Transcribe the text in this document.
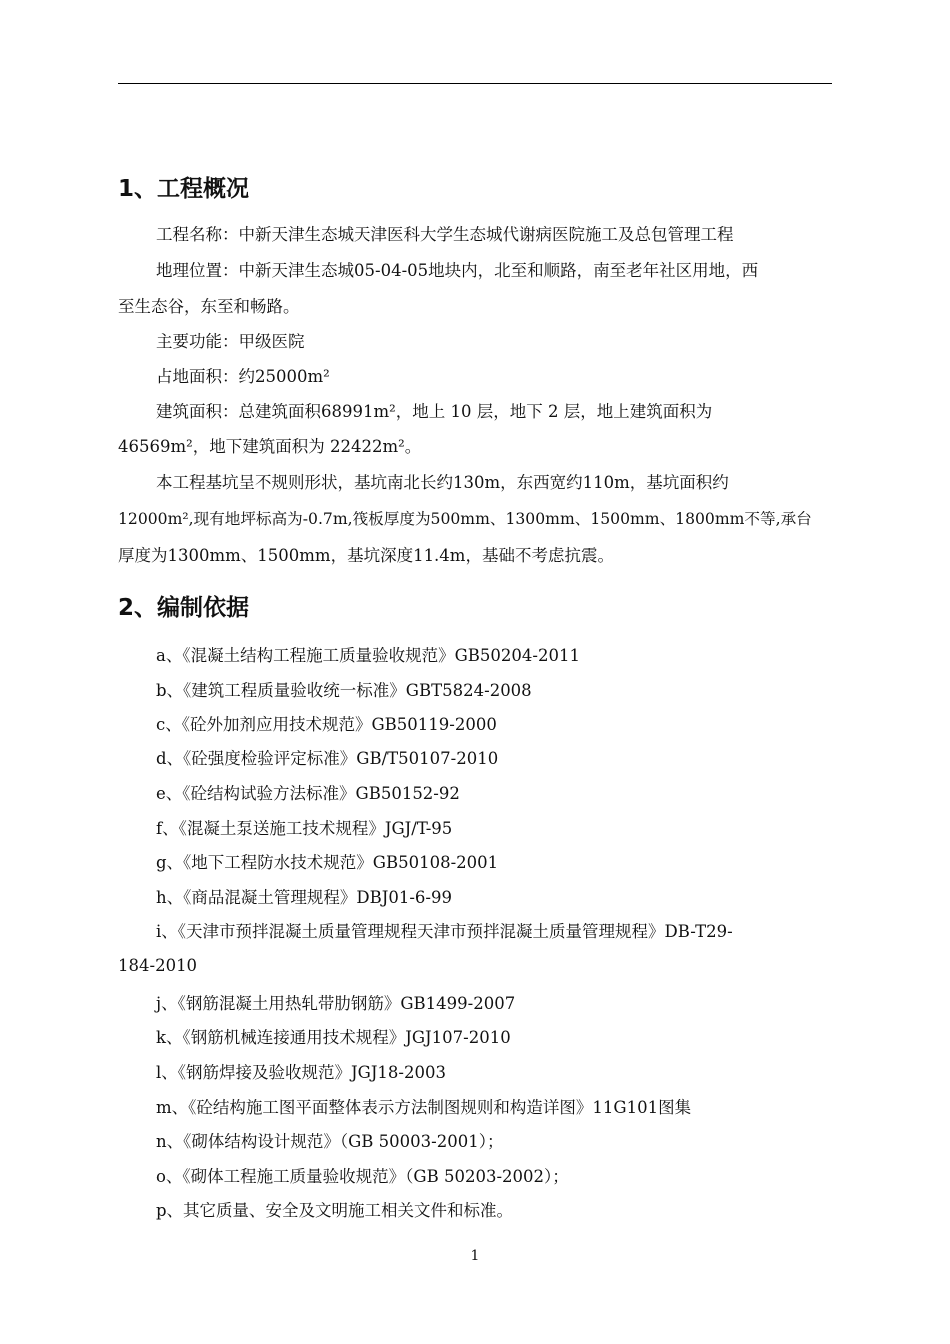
1、工程概况
工程名称：中新天津生态城天津医科大学生态城代谢病医院施工及总包管理工程
地理位置：中新天津生态城05-04-05地块内，北至和顺路，南至老年社区用地，西
至生态谷，东至和畅路。
主要功能：甲级医院
占地面积：约25000m²
建筑面积：总建筑面积68991m²，地上 10 层，地下 2 层，地上建筑面积为
46569m²，地下建筑面积为 22422m²。
本工程基坑呈不规则形状，基坑南北长约130m，东西宽约110m，基坑面积约
12000m²,现有地坪标高为-0.7m,筏板厚度为500mm、1300mm、1500mm、1800mm不等,承台
厚度为1300mm、1500mm，基坑深度11.4m，基础不考虑抗震。
2、编制依据
a、《混凝土结构工程施工质量验收规范》GB50204-2011
b、《建筑工程质量验收统一标准》GBT5824-2008
c、《砼外加剂应用技术规范》GB50119-2000
d、《砼强度检验评定标准》GB/T50107-2010
e、《砼结构试验方法标准》GB50152-92
f、《混凝土泵送施工技术规程》JGJ/T-95
g、《地下工程防水技术规范》GB50108-2001
h、《商品混凝土管理规程》DBJ01-6-99
i、《天津市预拌混凝土质量管理规程天津市预拌混凝土质量管理规程》DB-T29-
184-2010
j、《钢筋混凝土用热轧带肋钢筋》GB1499-2007
k、《钢筋机械连接通用技术规程》JGJ107-2010
l、《钢筋焊接及验收规范》JGJ18-2003
m、《砼结构施工图平面整体表示方法制图规则和构造详图》11G101图集
n、《砌体结构设计规范》（GB 50003-2001）；
o、《砌体工程施工质量验收规范》（GB 50203-2002）；
p、其它质量、安全及文明施工相关文件和标准。
1
